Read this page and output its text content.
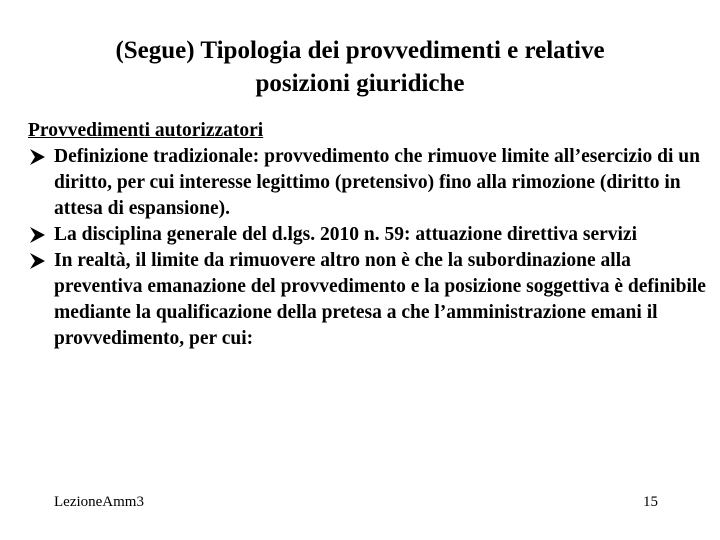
(Segue) Tipologia dei provvedimenti e relative
posizioni giuridiche

Provvedimenti autorizzatori

Definizione tradizionale: provvedimento che rimuove limite all’esercizio di un diritto, per cui interesse legittimo (pretensivo) fino alla rimozione (diritto in attesa di espansione).
La disciplina generale del d.lgs. 2010 n. 59: attuazione direttiva servizi
In realtà, il limite da rimuovere altro non è che la subordinazione alla preventiva emanazione del provvedimento e la posizione soggettiva è definibile mediante la qualificazione della pretesa a che l’amministrazione emani il provvedimento, per cui:
LezioneAmm3	15
